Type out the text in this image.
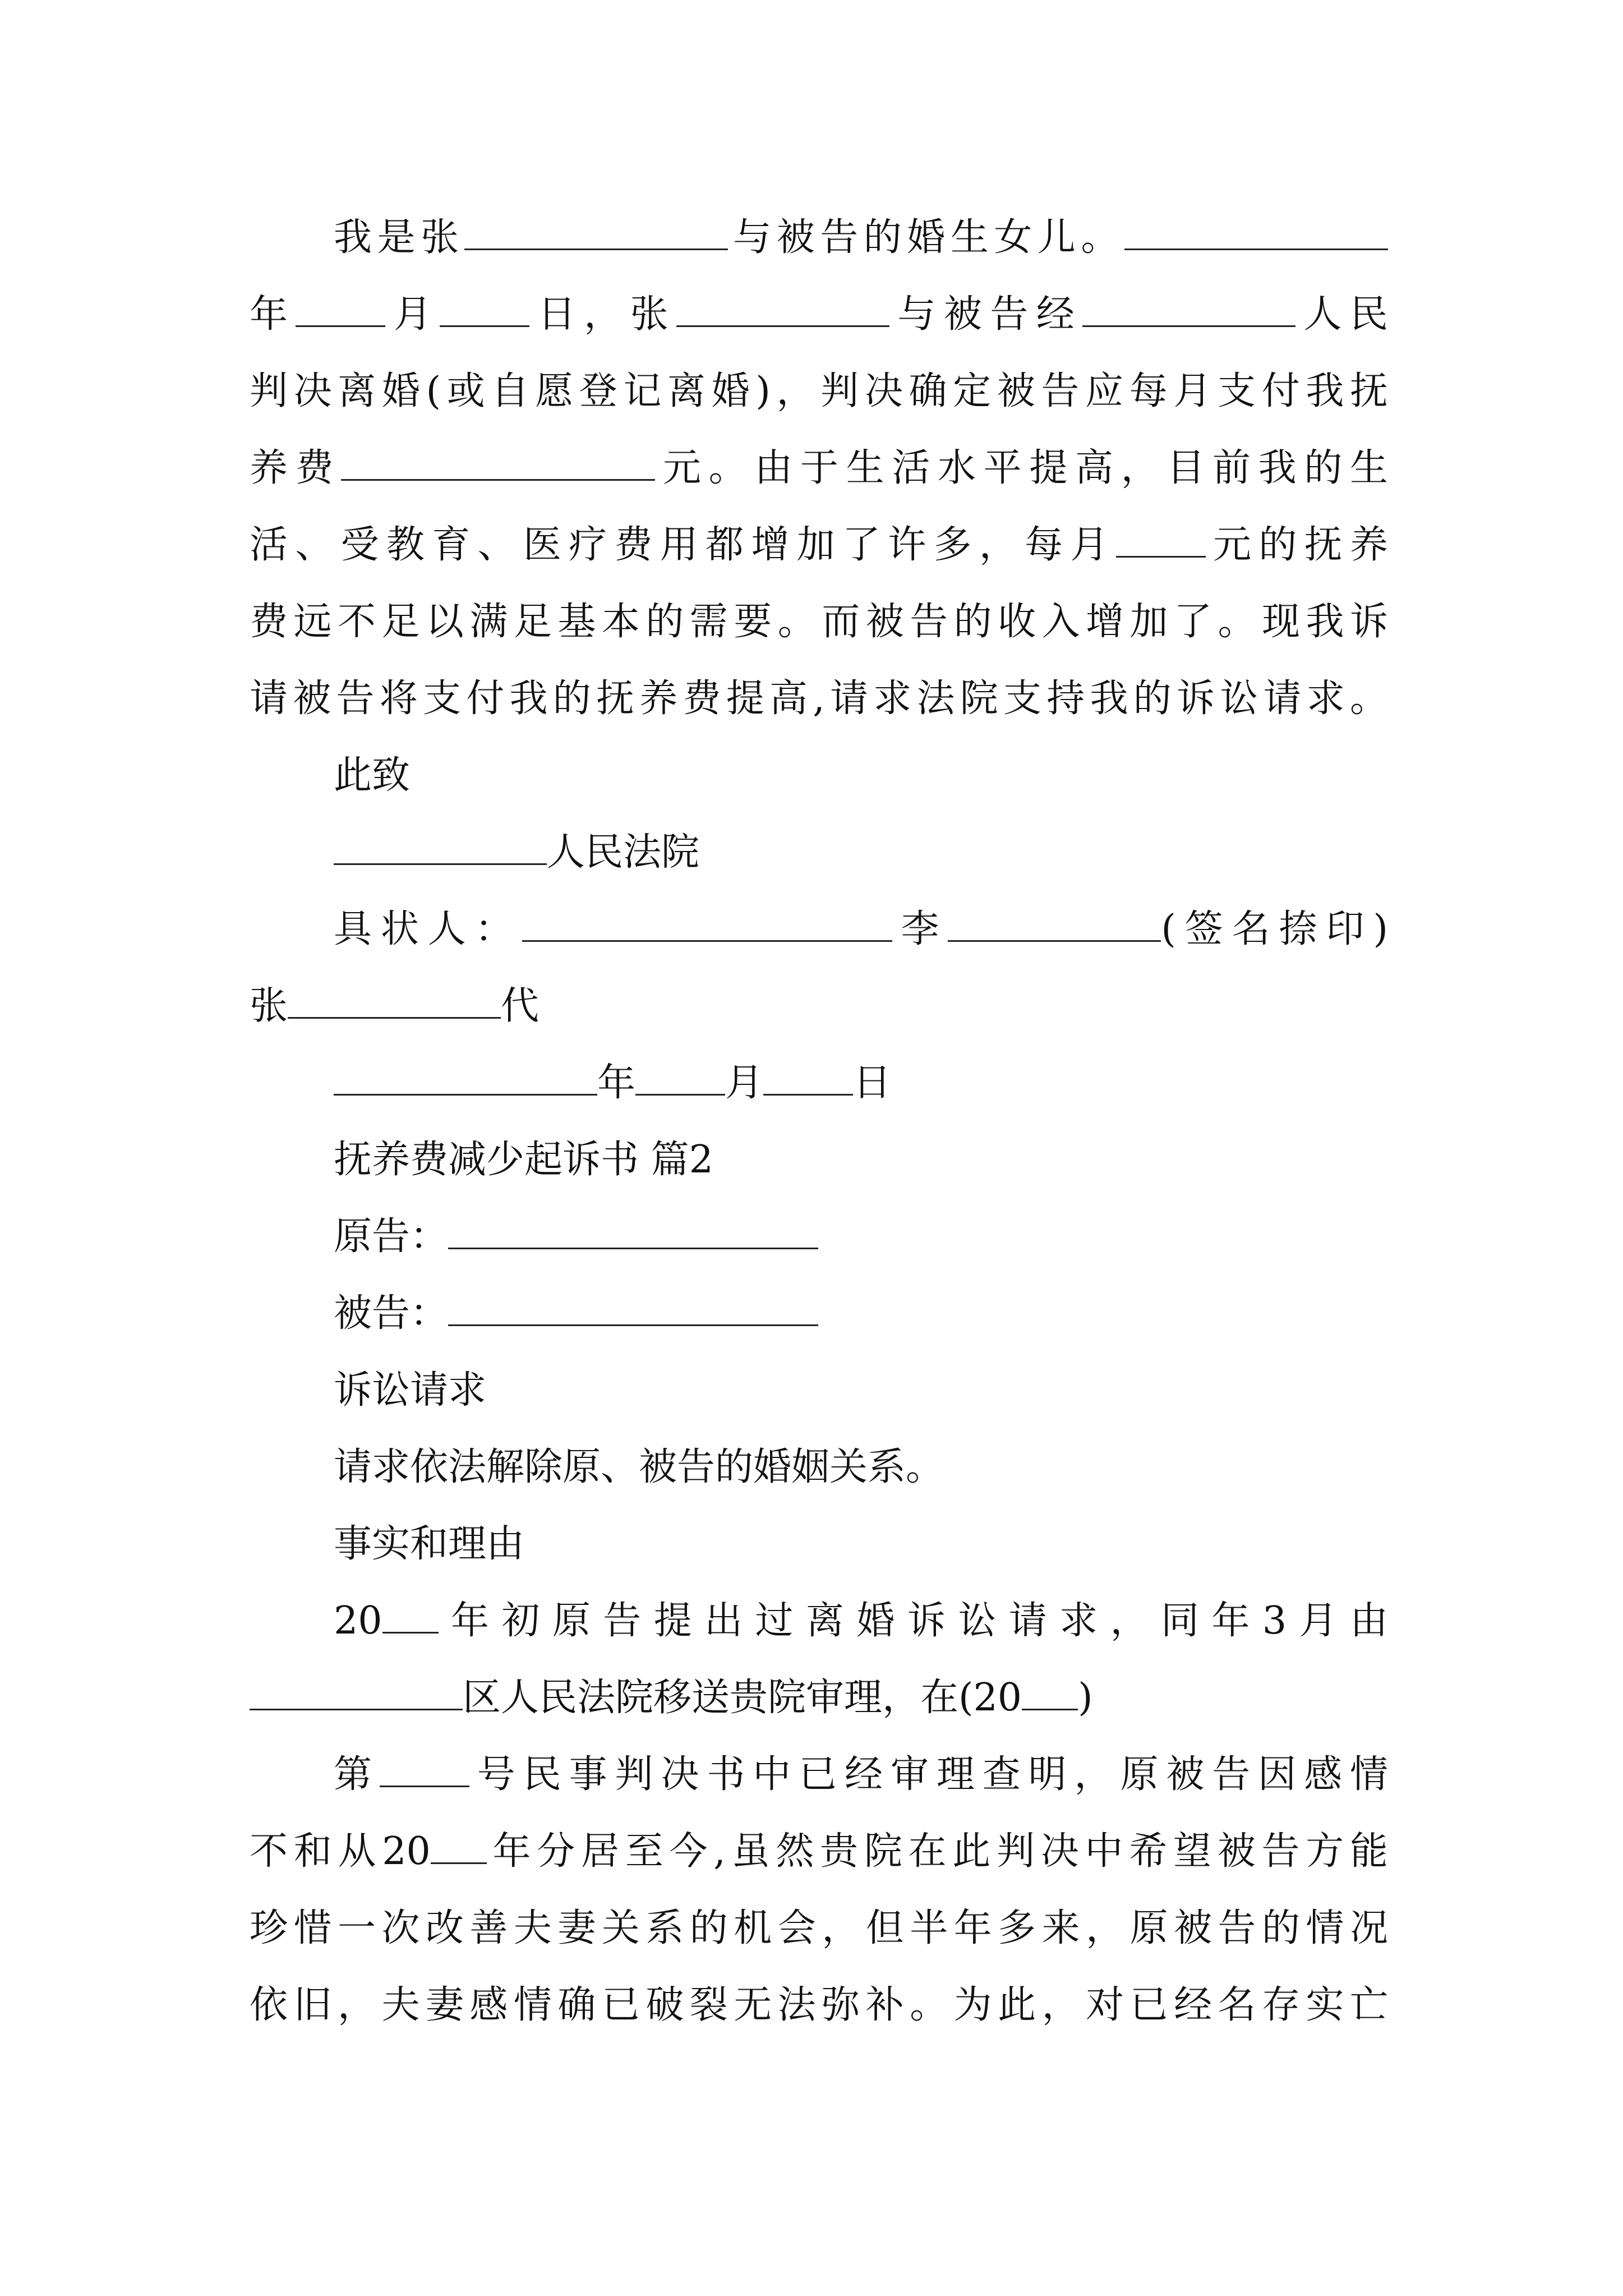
我是张	与被告的婚生女儿。
年 月 日，张	与被告经	人民
判决离婚(或自愿登记离婚)，判决确定被告应每月支付我抚
养费	元。由于生活水平提高，目前我的生
活、受教育、医疗费用都增加了许多，每月 元的抚养
费远不足以满足基本的需要。而被告的收入增加了。现我诉
请被告将支付我的抚养费提高,请求法院支持我的诉讼请求。
此致
人民法院
具状人：	李	(签名捺印)
张	代
年 月 日
抚养费减少起诉书 篇2
原告：
被告：
诉讼请求
请求依法解除原、被告的婚姻关系。
事实和理由
20 年初原告提出过离婚诉讼请求，同年3月由
区人民法院移送贵院审理，在(20 )
第 号民事判决书中已经审理查明，原被告因感情
不和从20 年分居至今,虽然贵院在此判决中希望被告方能
珍惜一次改善夫妻关系的机会，但半年多来，原被告的情况
依旧，夫妻感情确已破裂无法弥补。为此，对已经名存实亡
